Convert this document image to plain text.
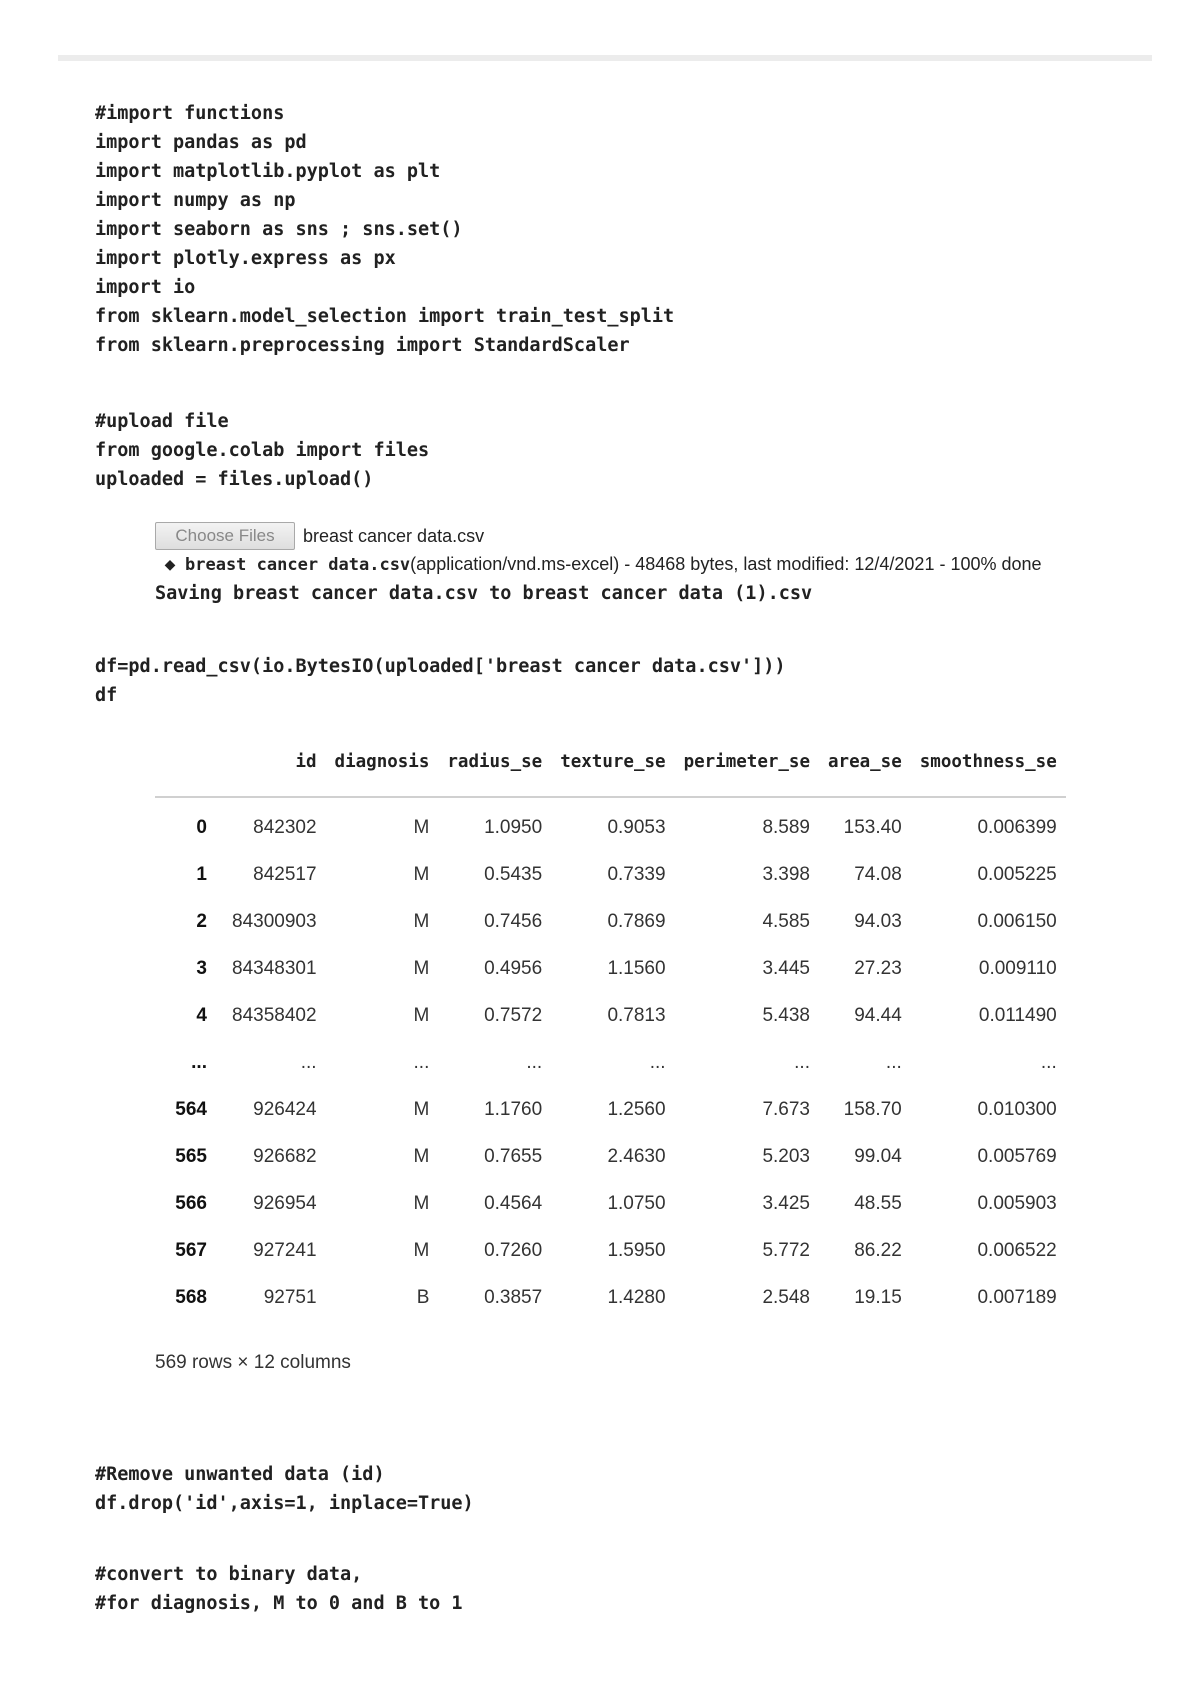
#import functions
import pandas as pd
import matplotlib.pyplot as plt
import numpy as np
import seaborn as sns ; sns.set()
import plotly.express as px
import io
from sklearn.model_selection import train_test_split
from sklearn.preprocessing import StandardScaler
#upload file
from google.colab import files
uploaded = files.upload()
Choose Files	breast cancer data.csv
◆ breast cancer data.csv(application/vnd.ms-excel) - 48468 bytes, last modified: 12/4/2021 - 100% done
Saving breast cancer data.csv to breast cancer data (1).csv
df=pd.read_csv(io.BytesIO(uploaded['breast cancer data.csv']))
df
	id	diagnosis	radius_se	texture_se	perimeter_se	area_se	smoothness_se
0	842302	M	1.0950	0.9053	8.589	153.40	0.006399
1	842517	M	0.5435	0.7339	3.398	74.08	0.005225
2	84300903	M	0.7456	0.7869	4.585	94.03	0.006150
3	84348301	M	0.4956	1.1560	3.445	27.23	0.009110
4	84358402	M	0.7572	0.7813	5.438	94.44	0.011490
...	...	...	...	...	...	...	...
564	926424	M	1.1760	1.2560	7.673	158.70	0.010300
565	926682	M	0.7655	2.4630	5.203	99.04	0.005769
566	926954	M	0.4564	1.0750	3.425	48.55	0.005903
567	927241	M	0.7260	1.5950	5.772	86.22	0.006522
568	92751	B	0.3857	1.4280	2.548	19.15	0.007189
569 rows × 12 columns
#Remove unwanted data (id)
df.drop('id',axis=1, inplace=True)
#convert to binary data,
#for diagnosis, M to 0 and B to 1
